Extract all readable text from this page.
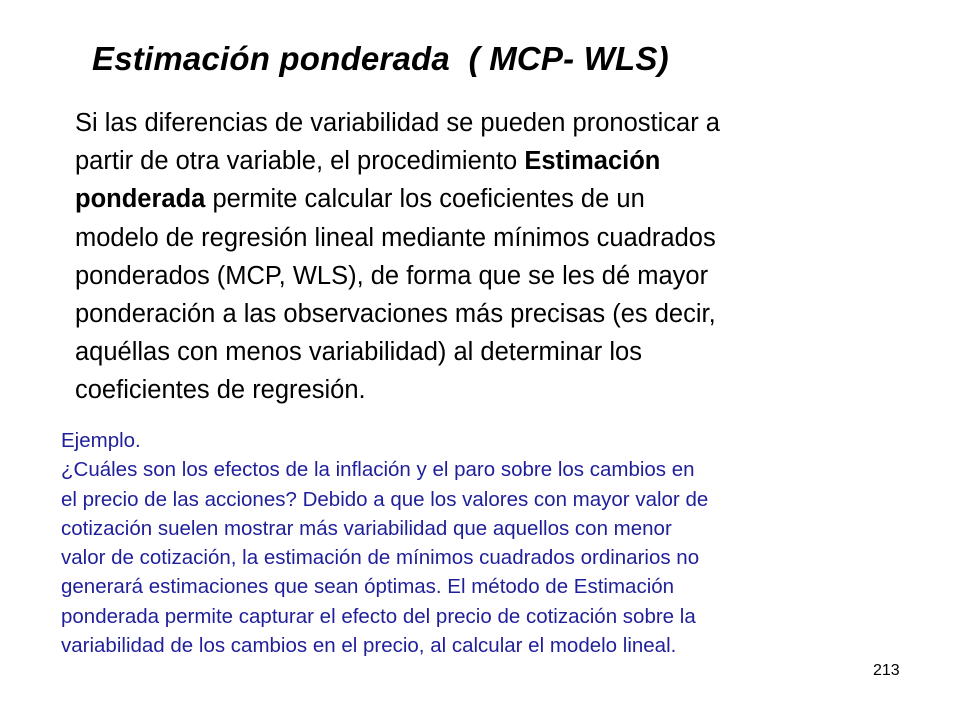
Estimación ponderada  ( MCP- WLS)
Si las diferencias de variabilidad se pueden pronosticar a
partir de otra variable, el procedimiento Estimación
ponderada permite calcular los coeficientes de un
modelo de regresión lineal mediante mínimos cuadrados
ponderados (MCP, WLS), de forma que se les dé mayor
ponderación a las observaciones más precisas (es decir,
aquéllas con menos variabilidad) al determinar los
coeficientes de regresión.
Ejemplo.
¿Cuáles son los efectos de la inflación y el paro sobre los cambios en
el precio de las acciones? Debido a que los valores con mayor valor de
cotización suelen mostrar más variabilidad que aquellos con menor
valor de cotización, la estimación de mínimos cuadrados ordinarios no
generará estimaciones que sean óptimas. El método de Estimación
ponderada permite capturar el efecto del precio de cotización sobre la
variabilidad de los cambios en el precio, al calcular el modelo lineal.
213
